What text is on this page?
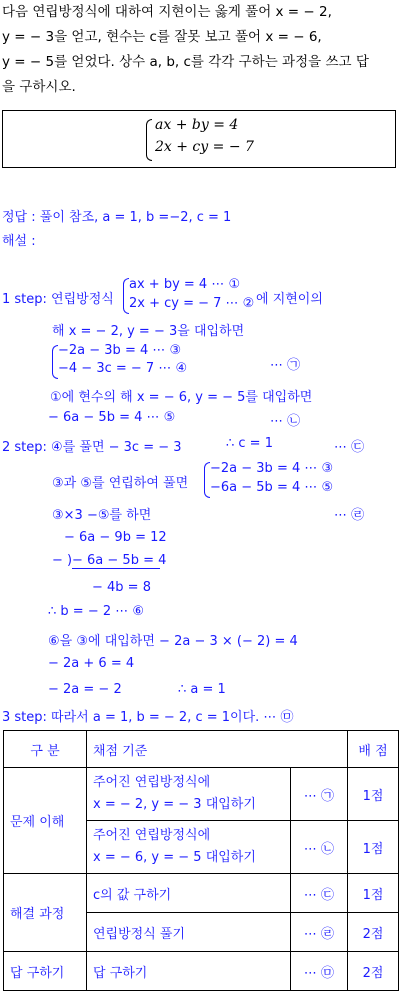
다음 연립방정식에 대하여 지현이는 옳게 풀어 x = − 2,
y = − 3을 얻고, 현수는 c를 잘못 보고 풀어 x = − 6,
y = − 5를 얻었다. 상수 a, b, c를 각각 구하는 과정을 쓰고 답
을 구하시오.
ax + by = 4
2x + cy = − 7
정답 : 풀이 참조, a = 1, b =−2, c = 1
해설 :
1 step: 연립방정식
ax + by = 4 ⋯ ①
2x + cy = − 7 ⋯ ② 에 지현이의
해 x = − 2, y = − 3을 대입하면
−2a − 3b = 4 ⋯ ③
−4 − 3c = − 7 ⋯ ④	⋯ ㉠
①에 현수의 해 x = − 6, y = − 5를 대입하면
− 6a − 5b = 4 ⋯ ⑤	⋯ ㉡
2 step: ④를 풀면 − 3c = − 3	∴ c = 1	⋯ ㉢
③과 ⑤를 연립하여 풀면
−2a − 3b = 4 ⋯ ③
−6a − 5b = 4 ⋯ ⑤
③×3 −⑤를 하면	⋯ ㉣
− 6a − 9b = 12
− ) − 6a − 5b = 4
− 4b = 8
∴ b = − 2 ⋯ ⑥
⑥을 ③에 대입하면 − 2a − 3 × (− 2) = 4
− 2a + 6 = 4
− 2a = − 2	∴ a = 1
3 step: 따라서 a = 1, b = − 2, c = 1이다. ⋯ ㉤
구 분	채점 기준		배 점
문제 이해	주어진 연립방정식에
x = − 2, y = − 3 대입하기	⋯ ㉠	1점

	주어진 연립방정식에
x = − 6, y = − 5 대입하기	⋯ ㉡	1점
해결 과정	c의 값 구하기	⋯ ㉢	1점
	연립방정식 풀기	⋯ ㉣	2점
답 구하기	답 구하기	⋯ ㉤	2점
